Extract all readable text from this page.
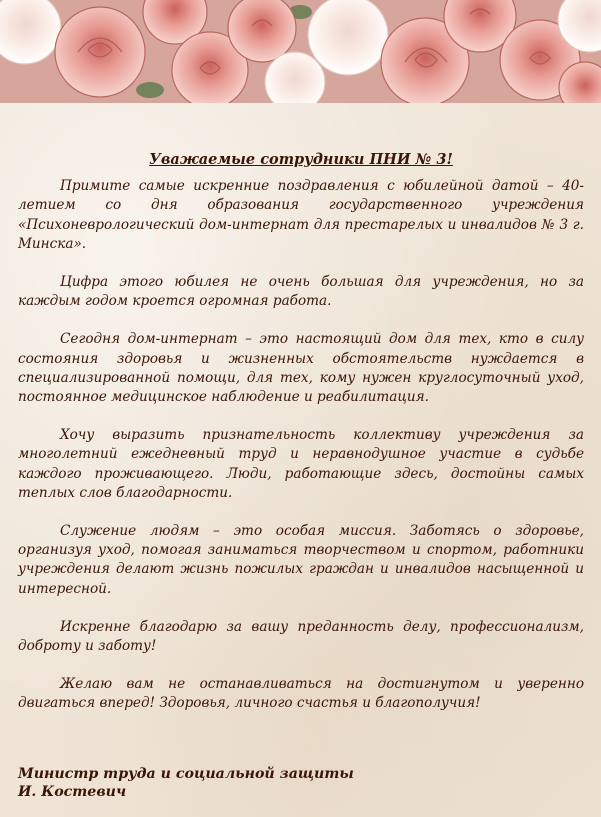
Уважаемые сотрудники ПНИ № 3!

Примите самые искренние поздравления с юбилейной датой – 40-летием со дня образования государственного учреждения «Психоневрологический дом-интернат для престарелых и инвалидов № 3 г. Минска».

Цифра этого юбилея не очень большая для учреждения, но за каждым годом кроется огромная работа.

Сегодня дом-интернат – это настоящий дом для тех, кто в силу состояния здоровья и жизненных обстоятельств нуждается в специализированной помощи, для тех, кому нужен круглосуточный уход, постоянное медицинское наблюдение и реабилитация.

Хочу выразить признательность коллективу учреждения за многолетний ежедневный труд и неравнодушное участие в судьбе каждого проживающего. Люди, работающие здесь, достойны самых теплых слов благодарности.

Служение людям – это особая миссия. Заботясь о здоровье, организуя уход, помогая заниматься творчеством и спортом, работники учреждения делают жизнь пожилых граждан и инвалидов насыщенной и интересной.

Искренне благодарю за вашу преданность делу, профессионализм, доброту и заботу!

Желаю вам не останавливаться на достигнутом и уверенно двигаться вперед! Здоровья, личного счастья и благополучия!

Министр труда и социальной защиты
И. Костевич
